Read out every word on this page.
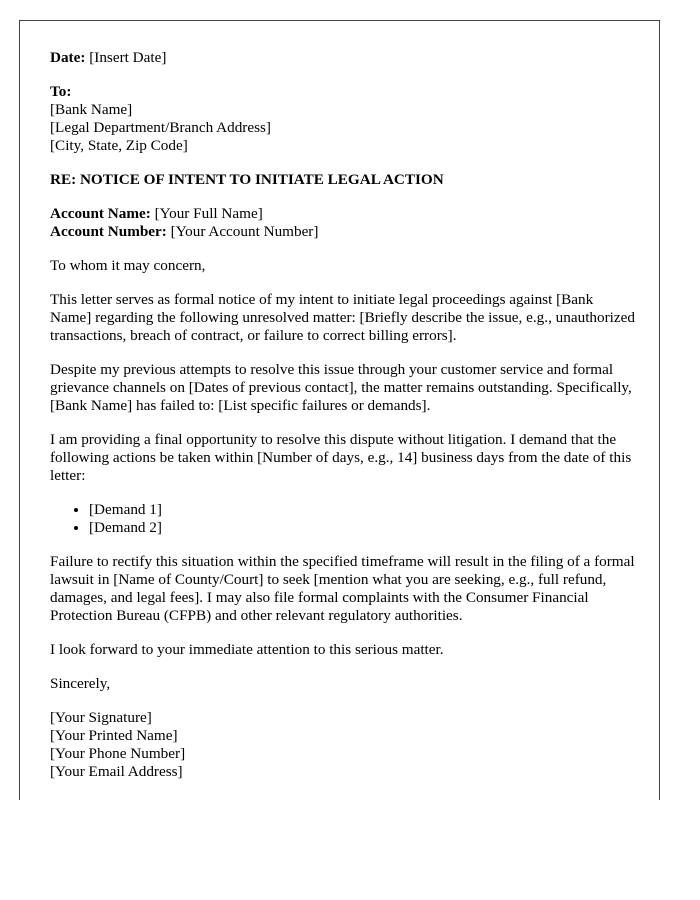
Date: [Insert Date]

To:
[Bank Name]
[Legal Department/Branch Address]
[City, State, Zip Code]

RE: NOTICE OF INTENT TO INITIATE LEGAL ACTION

Account Name: [Your Full Name]
Account Number: [Your Account Number]

To whom it may concern,

This letter serves as formal notice of my intent to initiate legal proceedings against [Bank Name] regarding the following unresolved matter: [Briefly describe the issue, e.g., unauthorized transactions, breach of contract, or failure to correct billing errors].

Despite my previous attempts to resolve this issue through your customer service and formal grievance channels on [Dates of previous contact], the matter remains outstanding. Specifically, [Bank Name] has failed to: [List specific failures or demands].

I am providing a final opportunity to resolve this dispute without litigation. I demand that the following actions be taken within [Number of days, e.g., 14] business days from the date of this letter:

• [Demand 1]
• [Demand 2]

Failure to rectify this situation within the specified timeframe will result in the filing of a formal lawsuit in [Name of County/Court] to seek [mention what you are seeking, e.g., full refund, damages, and legal fees]. I may also file formal complaints with the Consumer Financial Protection Bureau (CFPB) and other relevant regulatory authorities.

I look forward to your immediate attention to this serious matter.

Sincerely,

[Your Signature]
[Your Printed Name]
[Your Phone Number]
[Your Email Address]
